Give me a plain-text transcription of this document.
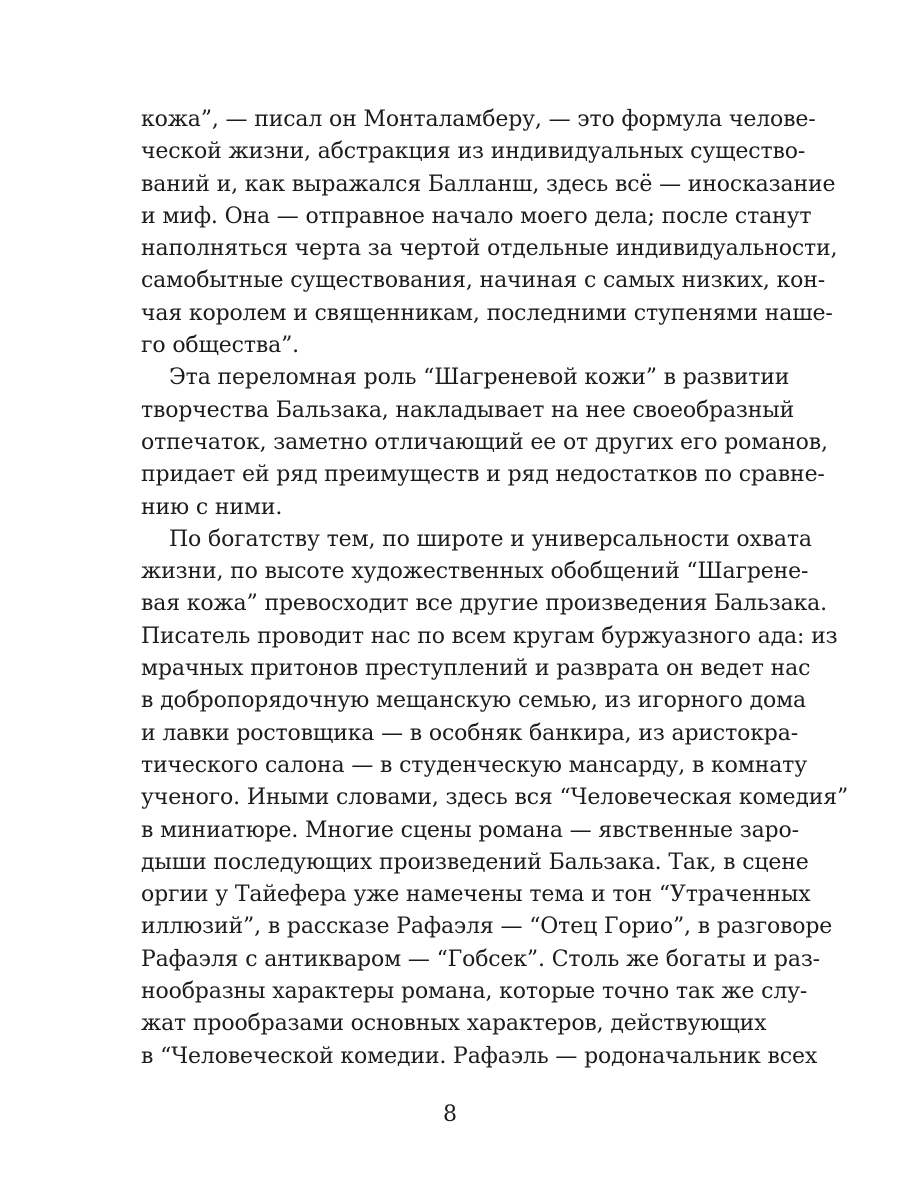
кожа”, — писал он Монталамберу, — это формула челове-
ческой жизни, абстракция из индивидуальных существо-
ваний и, как выражался Балланш, здесь всё — иносказание
и миф. Она — отправное начало моего дела; после станут
наполняться черта за чертой отдельные индивидуальности,
самобытные существования, начиная с самых низких, кон-
чая королем и священникам, последними ступенями наше-
го общества”.
Эта переломная роль “Шагреневой кожи” в развитии
творчества Бальзака, накладывает на нее своеобразный
отпечаток, заметно отличающий ее от других его романов,
придает ей ряд преимуществ и ряд недостатков по сравне-
нию с ними.
По богатству тем, по широте и универсальности охвата
жизни, по высоте художественных обобщений “Шагрене-
вая кожа” превосходит все другие произведения Бальзака.
Писатель проводит нас по всем кругам буржуазного ада: из
мрачных притонов преступлений и разврата он ведет нас
в добропорядочную мещанскую семью, из игорного дома
и лавки ростовщика — в особняк банкира, из аристокра-
тического салона — в студенческую мансарду, в комнату
ученого. Иными словами, здесь вся “Человеческая комедия”
в миниатюре. Многие сцены романа — явственные заро-
дыши последующих произведений Бальзака. Так, в сцене
оргии у Тайефера уже намечены тема и тон “Утраченных
иллюзий”, в рассказе Рафаэля — “Отец Горио”, в разговоре
Рафаэля с антикваром — “Гобсек”. Столь же богаты и раз-
нообразны характеры романа, которые точно так же слу-
жат прообразами основных характеров, действующих
в “Человеческой комедии. Рафаэль — родоначальник всех
8
